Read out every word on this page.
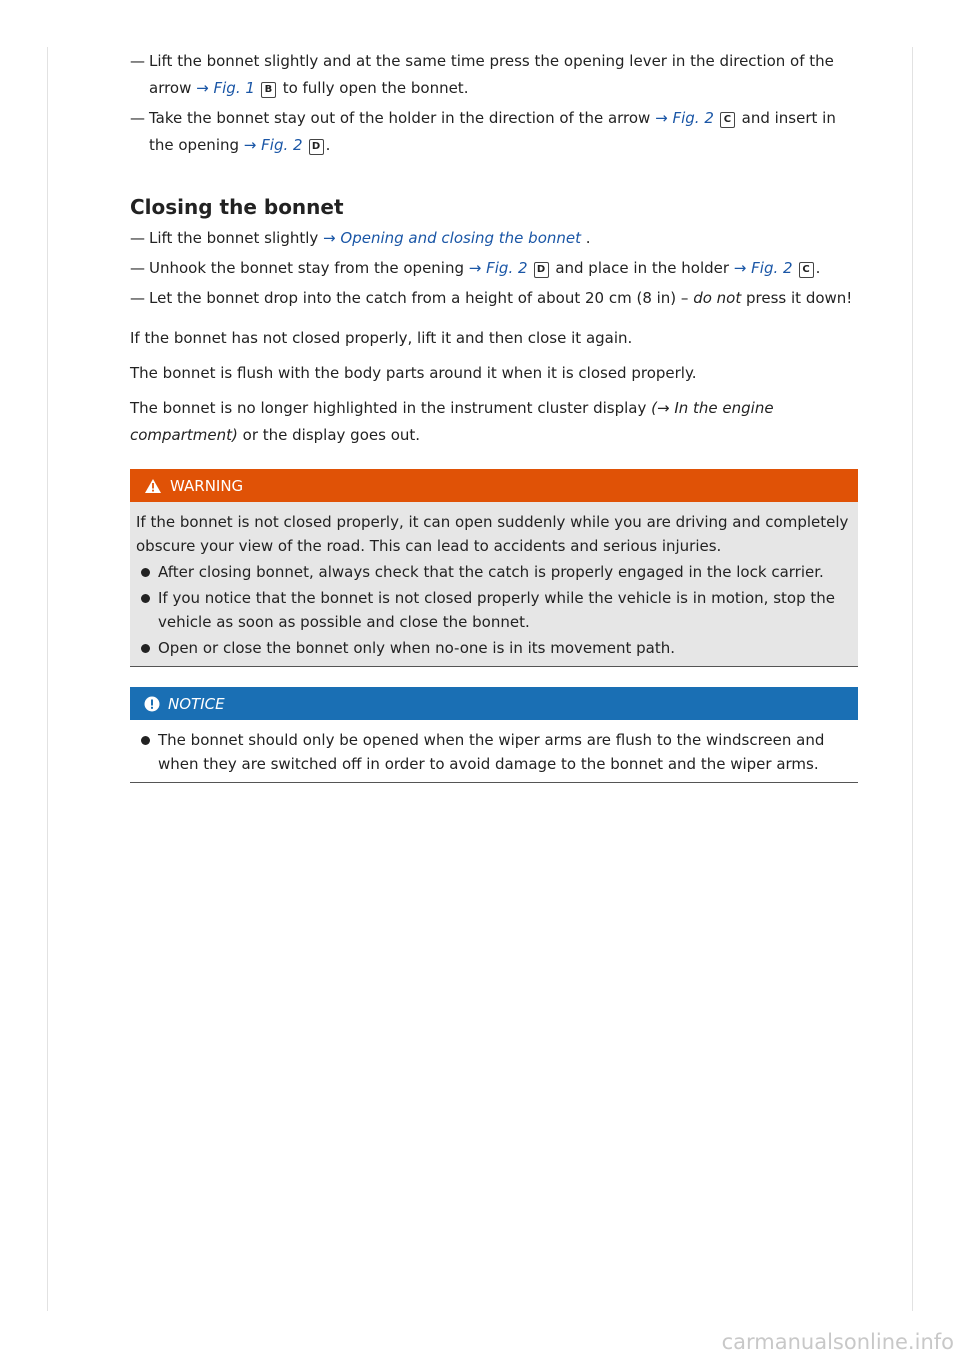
— Lift the bonnet slightly and at the same time press the opening lever in the direction of the arrow → Fig. 1 B to fully open the bonnet.
— Take the bonnet stay out of the holder in the direction of the arrow → Fig. 2 C and insert in the opening → Fig. 2 D .
Closing the bonnet
— Lift the bonnet slightly → Opening and closing the bonnet .
— Unhook the bonnet stay from the opening → Fig. 2 D and place in the holder → Fig. 2 C .
— Let the bonnet drop into the catch from a height of about 20 cm (8 in) – do not press it down!

If the bonnet has not closed properly, lift it and then close it again.

The bonnet is flush with the body parts around it when it is closed properly.

The bonnet is no longer highlighted in the instrument cluster display (→ In the engine compartment) or the display goes out.

WARNING
If the bonnet is not closed properly, it can open suddenly while you are driving and completely obscure your view of the road. This can lead to accidents and serious injuries.
After closing bonnet, always check that the catch is properly engaged in the lock carrier.
If you notice that the bonnet is not closed properly while the vehicle is in motion, stop the vehicle as soon as possible and close the bonnet.
Open or close the bonnet only when no-one is in its movement path.
NOTICE
The bonnet should only be opened when the wiper arms are flush to the windscreen and when they are switched off in order to avoid damage to the bonnet and the wiper arms.
carmanualsonline.info
